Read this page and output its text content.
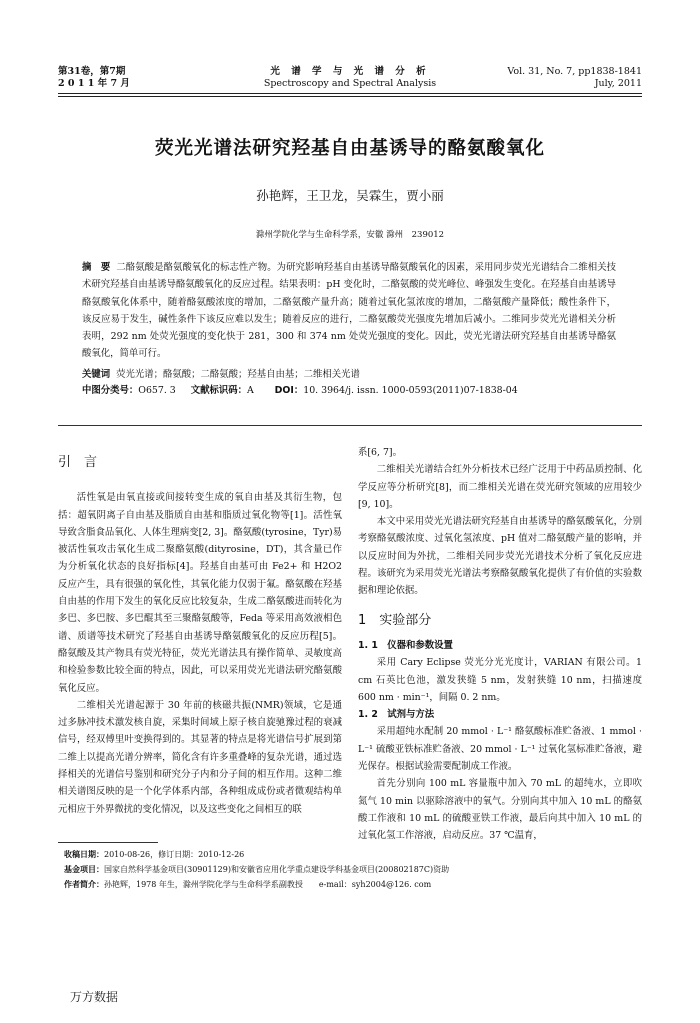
第31卷，第7期
2 0 1 1 年 7 月
光 谱 学 与 光 谱 分 析
Spectroscopy and Spectral Analysis
Vol. 31, No. 7, pp1838-1841
July, 2011
荧光光谱法研究羟基自由基诱导的酪氨酸氧化
孙艳辉，王卫龙，吴霖生，贾小丽
滁州学院化学与生命科学系，安徽 滁州　239012
摘　要 二酪氨酸是酪氨酸氧化的标志性产物。为研究影响羟基自由基诱导酪氨酸氧化的因素，采用同步荧光光谱结合二维相关技术研究羟基自由基诱导酪氨酸氧化的反应过程。结果表明：pH 变化时，二酪氨酸的荧光峰位、峰强发生变化。在羟基自由基诱导酪氨酸氧化体系中，随着酪氨酸浓度的增加，二酪氨酸产量升高；随着过氧化氢浓度的增加，二酪氨酸产量降低；酸性条件下，该反应易于发生，碱性条件下该反应难以发生；随着反应的进行，二酪氨酸荧光强度先增加后减小。二维同步荧光光谱相关分析表明，292 nm 处荧光强度的变化快于 281，300 和 374 nm 处荧光强度的变化。因此，荧光光谱法研究羟基自由基诱导酪氨酸氧化，简单可行。
关键词 荧光光谱；酪氨酸；二酪氨酸；羟基自由基；二维相关光谱
中图分类号：O657. 3 文献标识码：A DOI：10. 3964/j. issn. 1000-0593(2011)07-1838-04
引　言

活性氧是由氧直接或间接转变生成的氧自由基及其衍生物，包括：超氧阴离子自由基及脂质自由基和脂质过氧化物等[1]。活性氧导致含脂食品氧化、人体生理病变[2, 3]。酪氨酸(tyrosine，Tyr)易被活性氧攻击氧化生成二聚酪氨酸(dityrosine，DT)，其含量已作为分析氧化状态的良好指标[4]。羟基自由基可由 Fe2+ 和 H2O2 反应产生，具有很强的氧化性，其氧化能力仅弱于氟。酪氨酸在羟基自由基的作用下发生的氧化反应比较复杂，生成二酪氨酸进而转化为多巴、多巴胺、多巴醌其至三聚酪氨酸等，Feda 等采用高效液相色谱、质谱等技术研究了羟基自由基诱导酪氨酸氧化的反应历程[5]。酪氨酸及其产物具有荧光特征，荧光光谱法具有操作简单、灵敏度高和检验参数比较全面的特点，因此，可以采用荧光光谱法研究酪氨酸氧化反应。

二维相关光谱起源于 30 年前的核磁共振(NMR)领域，它是通过多脉冲技术激发核自旋，采集时间域上原子核自旋驰豫过程的衰减信号，经双傅里叶变换得到的。其显著的特点是将光谱信号扩展到第二维上以提高光谱分辨率，简化含有许多重叠峰的复杂光谱，通过选择相关的光谱信号鉴别和研究分子内和分子间的相互作用。这种二维相关谱图反映的是一个化学体系内部，各种组成成份或者微观结构单元相应于外界微扰的变化情况，以及这些变化之间相互的联

系[6, 7]。

二维相关光谱结合红外分析技术已经广泛用于中药品质控制、化学反应等分析研究[8]，而二维相关光谱在荧光研究领域的应用较少[9, 10]。

本文中采用荧光光谱法研究羟基自由基诱导的酪氨酸氧化，分别考察酪氨酸浓度、过氧化氢浓度、pH 值对二酪氨酸产量的影响，并以反应时间为外扰，二维相关同步荧光光谱技术分析了氧化反应进程。该研究为采用荧光光谱法考察酪氨酸氧化提供了有价值的实验数据和理论依据。

1　实验部分
1. 1　仪器和参数设置

采用 Cary Eclipse 荧光分光光度计，VARIAN 有限公司。1 cm 石英比色池，激发狭缝 5 nm，发射狭缝 10 nm，扫描速度 600 nm · min⁻¹，间隔 0. 2 nm。

1. 2　试剂与方法

采用超纯水配制 20 mmol · L⁻¹ 酪氨酸标准贮备液、1 mmol · L⁻¹ 硫酸亚铁标准贮备液、20 mmol · L⁻¹ 过氧化氢标准贮备液，避光保存。根据试验需要配制成工作液。

首先分别向 100 mL 容量瓶中加入 70 mL 的超纯水，立即吹氮气 10 min 以驱除溶液中的氧气。分别向其中加入 10 mL 的酪氨酸工作液和 10 mL 的硫酸亚铁工作液，最后向其中加入 10 mL 的过氧化氢工作溶液，启动反应。37 ℃温育，

收稿日期：2010-08-26，修订日期：2010-12-26
基金项目：国家自然科学基金项目(30901129)和安徽省应用化学重点建设学科基金项目(200802187C)资助
作者简介：孙艳辉，1978 年生，滁州学院化学与生命科学系副教授　　e-mail：syh2004@126. com
万方数据
